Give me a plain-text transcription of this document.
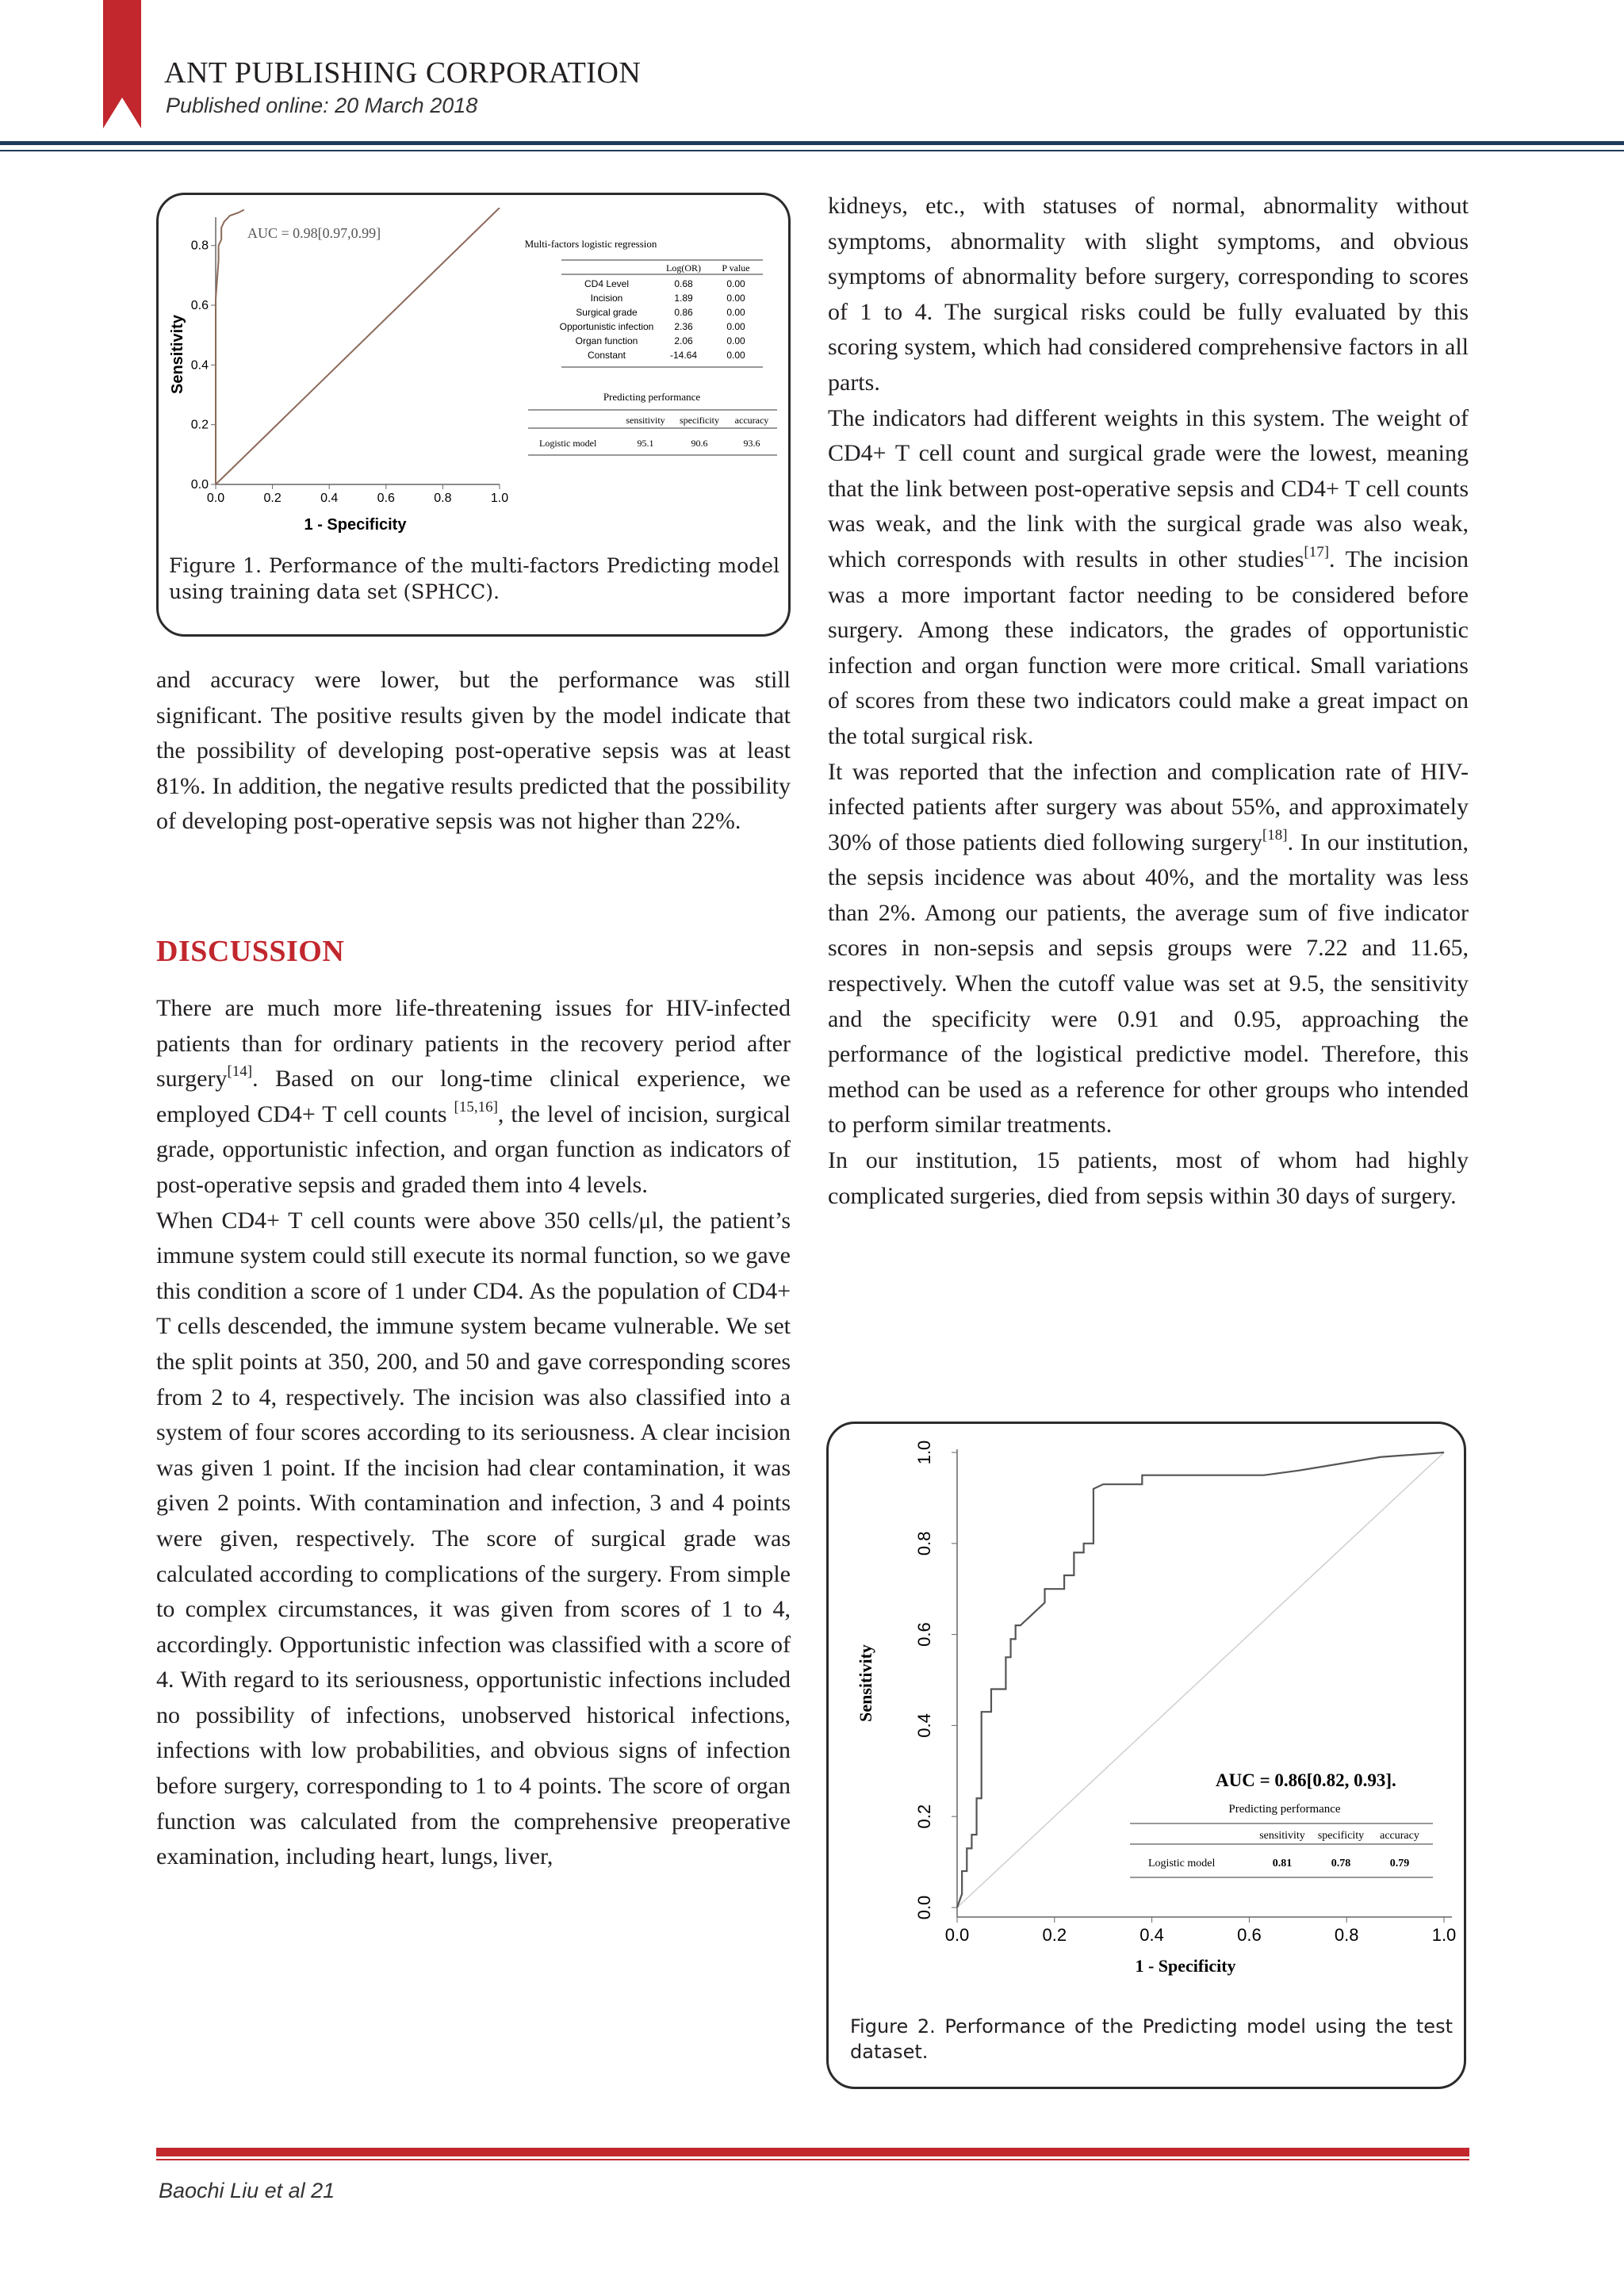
ANT PUBLISHING CORPORATION
Published online: 20 March 2018
0.0	0.2	0.4	0.6	0.8	1.0
0.0
0.2
0.4
0.6
0.8
1 - Specificity
Sensitivity
AUC = 0.98[0.97,0.99]
Multi-factors logistic regression
Log(OR) P value
CD4 Level	0.68	0.00
Incision	1.89	0.00
Surgical grade	0.86	0.00
Opportunistic infection 2.36	0.00
Organ function	2.06	0.00
Constant	-14.64	0.00
Predicting performance
sensitivity specificity accuracy
Logistic model	95.1	90.6	93.6
Figure 1. Performance of the multi-factors Predicting model using training data set (SPHCC).

and accuracy were lower, but the performance was still significant. The positive results given by the model indicate that the possibility of developing post-operative sepsis was at least 81%. In addition, the negative results predicted that the possibility of developing post-operative sepsis was not higher than 22%.

DISCUSSION

There are much more life-threatening issues for HIV-infected patients than for ordinary patients in the recovery period after surgery[14]. Based on our long-time clinical experience, we employed CD4+ T cell counts [15,16], the level of incision, surgical grade, opportunistic infection, and organ function as indicators of post-operative sepsis and graded them into 4 levels.

When CD4+ T cell counts were above 350 cells/μl, the patient’s immune system could still execute its normal function, so we gave this condition a score of 1 under CD4. As the population of CD4+ T cells descended, the immune system became vulnerable. We set the split points at 350, 200, and 50 and gave corresponding scores from 2 to 4, respectively. The incision was also classified into a system of four scores according to its seriousness. A clear incision was given 1 point. If the incision had clear contamination, it was given 2 points. With contamination and infection, 3 and 4 points were given, respectively. The score of surgical grade was calculated according to complications of the surgery. From simple to complex circumstances, it was given from scores of 1 to 4, accordingly. Opportunistic infection was classified with a score of 4. With regard to its seriousness, opportunistic infections included no possibility of infections, unobserved historical infections, infections with low probabilities, and obvious signs of infection before surgery, corresponding to 1 to 4 points. The score of organ function was calculated from the comprehensive preoperative examination, including heart, lungs, liver,

kidneys, etc., with statuses of normal, abnormality without symptoms, abnormality with slight symptoms, and obvious symptoms of abnormality before surgery, corresponding to scores of 1 to 4. The surgical risks could be fully evaluated by this scoring system, which had considered comprehensive factors in all parts.

The indicators had different weights in this system. The weight of CD4+ T cell count and surgical grade were the lowest, meaning that the link between post-operative sepsis and CD4+ T cell counts was weak, and the link with the surgical grade was also weak, which corresponds with results in other studies[17]. The incision was a more important factor needing to be considered before surgery. Among these indicators, the grades of opportunistic infection and organ function were more critical. Small variations of scores from these two indicators could make a great impact on the total surgical risk.

It was reported that the infection and complication rate of HIV-infected patients after surgery was about 55%, and approximately 30% of those patients died following surgery[18]. In our institution, the sepsis incidence was about 40%, and the mortality was less than 2%. Among our patients, the average sum of five indicator scores in non-sepsis and sepsis groups were 7.22 and 11.65, respectively. When the cutoff value was set at 9.5, the sensitivity and the specificity were 0.91 and 0.95, approaching the performance of the logistical predictive model. Therefore, this method can be used as a reference for other groups who intended to perform similar treatments.

In our institution, 15 patients, most of whom had highly complicated surgeries, died from sepsis within 30 days of surgery.

0.0	0.2	0.4	0.6	0.8	1.0
0.0
0.2
0.4
0.6
0.8
1.0
1 - Specificity
Sensitivity
AUC = 0.86[0.82, 0.93].
Predicting performance
sensitivity specificity accuracy
Logistic model	0.81	0.78	0.79
Figure 2. Performance of the Predicting model using the test dataset.
Baochi Liu et al 21
